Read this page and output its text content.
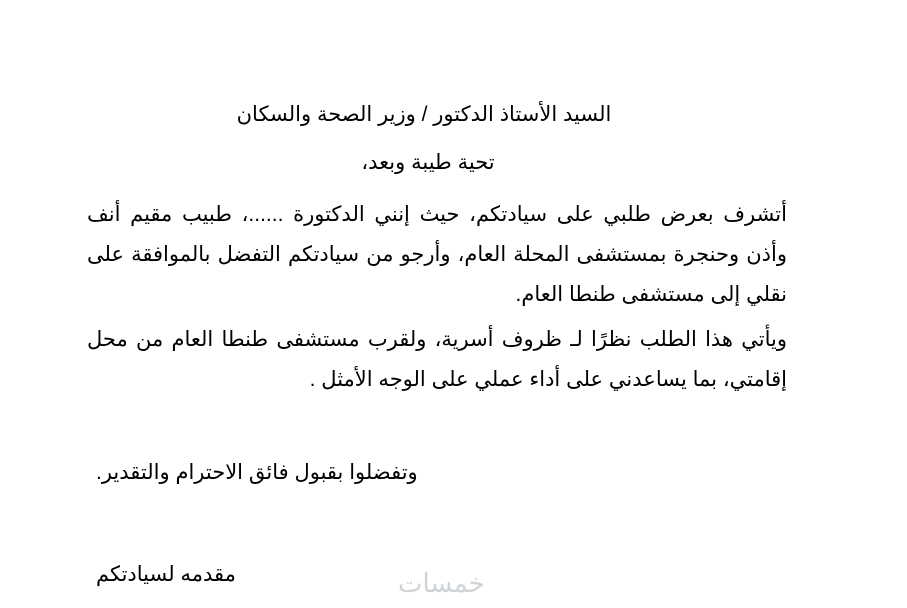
السيد الأستاذ الدكتور / وزير الصحة والسكان

تحية طيبة وبعد،

أتشرف بعرض طلبي على سيادتكم، حيث إنني الدكتورة ......، طبيب مقيم أنف وأذن وحنجرة بمستشفى المحلة العام، وأرجو من سيادتكم التفضل بالموافقة على نقلي إلى مستشفى طنطا العام.

ويأتي هذا الطلب نظرًا لـ ظروف أسرية، ولقرب مستشفى طنطا العام من محل إقامتي، بما يساعدني على أداء عملي على الوجه الأمثل .

وتفضلوا بقبول فائق الاحترام والتقدير.

مقدمه لسيادتكم	خمسات
